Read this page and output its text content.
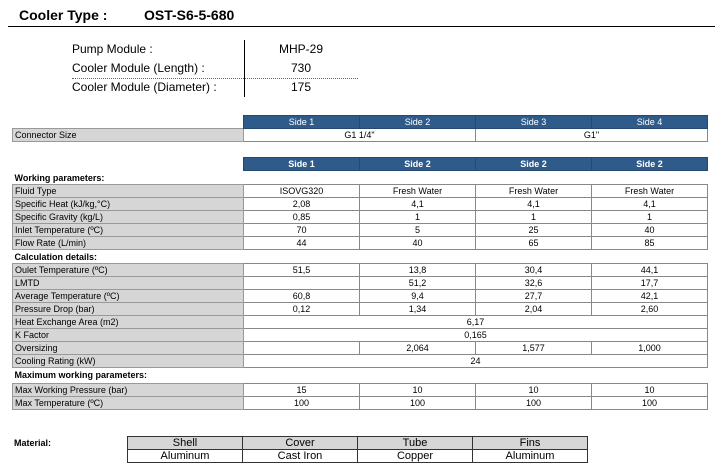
Cooler Type :	OST-S6-5-680
Pump Module :	MHP-29
Cooler Module (Length) :	730
Cooler Module (Diameter) :	175
	Side 1	Side 2	Side 3	Side 4
Connector Size	G1 1/4"		G1"	
	Side 1	Side 2	Side 2	Side 2
Working parameters:				
Fluid Type	ISOVG320	Fresh Water	Fresh Water	Fresh Water
Specific Heat (kJ/kg,°C)	2,08	4,1	4,1	4,1
Specific Gravity (kg/L)	0,85	1	1	1
Inlet Temperature (ºC)	70	5	25	40
Flow Rate (L/min)	44	40	65	85
Calculation details:				
Oulet Temperature (ºC)	51,5	13,8	30,4	44,1
LMTD		51,2	32,6	17,7
Average Temperature (ºC)	60,8	9,4	27,7	42,1
Pressure Drop (bar)	0,12	1,34	2,04	2,60
Heat Exchange Area (m2)	6,17			
K Factor	0,165			
Oversizing		2,064	1,577	1,000
Cooling Rating (kW)	24			
Maximum working parameters:				

Max Working Pressure (bar)	15	10	10	10
Max Temperature (ºC)	100	100	100	100
Material:	Shell	Cover	Tube	Fins
Aluminum	Cast Iron	Copper	Aluminum
